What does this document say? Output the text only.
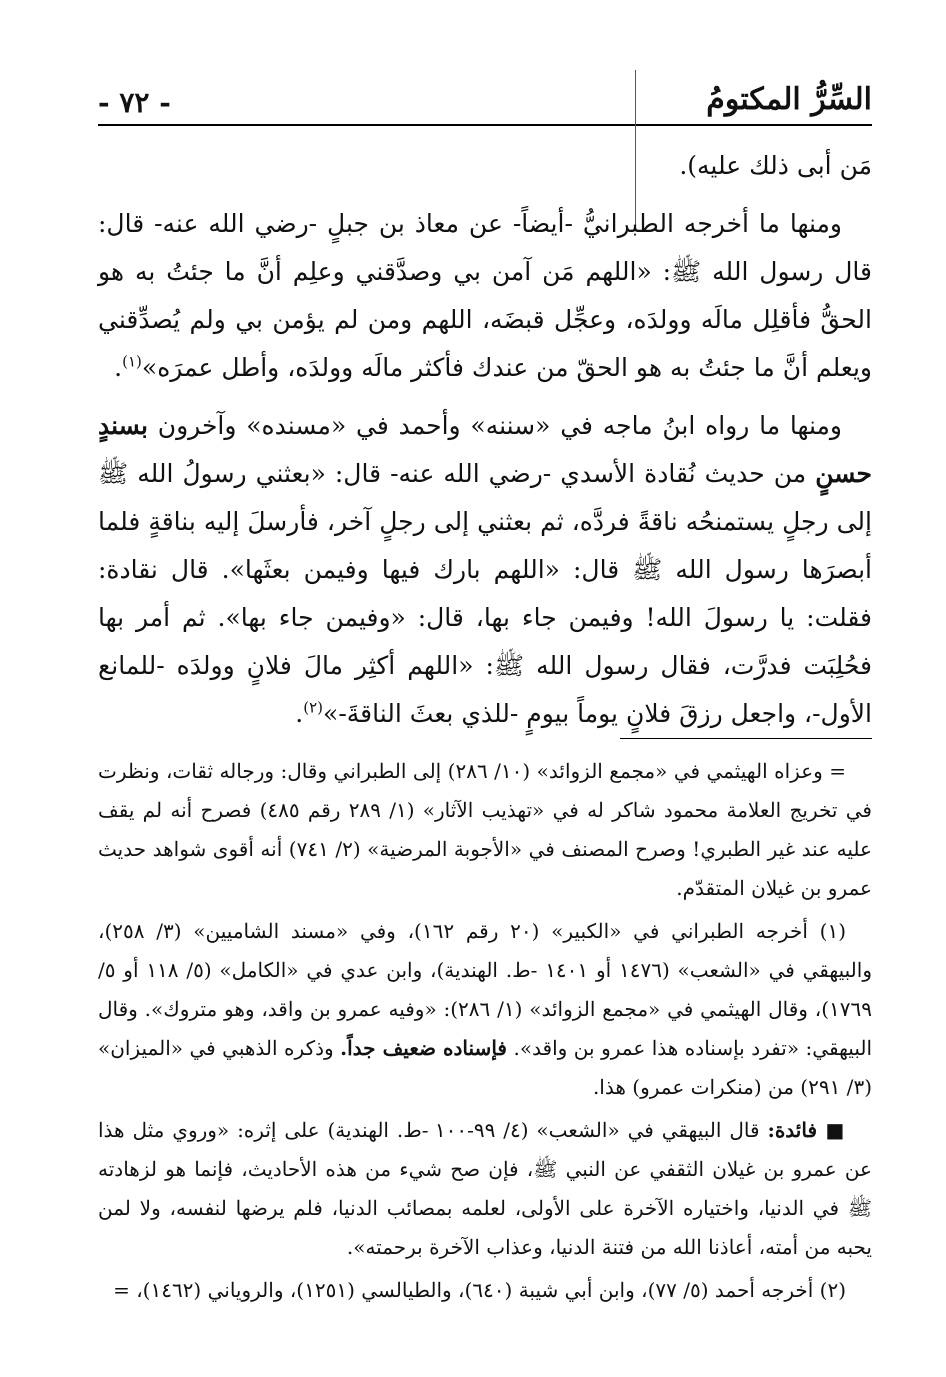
السِّرُّ المكتومُ
- ٧٢ -

مَن أبى ذلك عليه).

ومنها ما أخرجه الطبرانيُّ -أيضاً- عن معاذ بن جبلٍ -رضي الله عنه- قال: قال رسول الله ﷺ: «اللهم مَن آمن بي وصدَّقني وعلِم أنَّ ما جئتُ به هو الحقُّ فأقلِل مالَه وولدَه، وعجِّل قبضَه، اللهم ومن لم يؤمن بي ولم يُصدِّقني ويعلم أنَّ ما جئتُ به هو الحقّ من عندك فأكثر مالَه وولدَه، وأطل عمرَه»$^{(١)}$.

ومنها ما رواه ابنُ ماجه في «سننه» وأحمد في «مسنده» وآخرون بسندٍ حسنٍ من حديث نُقادة الأسدي -رضي الله عنه- قال: «بعثني رسولُ الله ﷺ إلى رجلٍ يستمنحُه ناقةً فردَّه، ثم بعثني إلى رجلٍ آخر، فأرسلَ إليه بناقةٍ فلما أبصرَها رسول الله ﷺ قال: «اللهم بارك فيها وفيمن بعثَها». قال نقادة: فقلت: يا رسولَ الله! وفيمن جاء بها، قال: «وفيمن جاء بها». ثم أمر بها فحُلِبَت فدرَّت، فقال رسول الله ﷺ: «اللهم أكثِر مالَ فلانٍ وولدَه -للمانع الأول-، واجعل رزقَ فلانٍ يوماً بيومٍ -للذي بعثَ الناقةَ-»$^{(٢)}$.

= وعزاه الهيثمي في «مجمع الزوائد» (١٠/ ٢٨٦) إلى الطبراني وقال: ورجاله ثقات، ونظرت في تخريج العلامة محمود شاكر له في «تهذيب الآثار» (١/ ٢٨٩ رقم ٤٨٥) فصرح أنه لم يقف عليه عند غير الطبري! وصرح المصنف في «الأجوبة المرضية» (٢/ ٧٤١) أنه أقوى شواهد حديث عمرو بن غيلان المتقدّم.

(١) أخرجه الطبراني في «الكبير» (٢٠ رقم ١٦٢)، وفي «مسند الشاميين» (٣/ ٢٥٨)، والبيهقي في «الشعب» (١٤٧٦ أو ١٤٠١ -ط. الهندية)، وابن عدي في «الكامل» (٥/ ١١٨ أو ٥/ ١٧٦٩)، وقال الهيثمي في «مجمع الزوائد» (١/ ٢٨٦): «وفيه عمرو بن واقد، وهو متروك». وقال البيهقي: «تفرد بإسناده هذا عمرو بن واقد». فإسناده ضعيف جداً. وذكره الذهبي في «الميزان» (٣/ ٢٩١) من (منكرات عمرو) هذا.

■ فائدة: قال البيهقي في «الشعب» (٤/ ٩٩-١٠٠ -ط. الهندية) على إثره: «وروي مثل هذا عن عمرو بن غيلان الثقفي عن النبي ﷺ، فإن صح شيء من هذه الأحاديث، فإنما هو لزهادته ﷺ في الدنيا، واختياره الآخرة على الأولى، لعلمه بمصائب الدنيا، فلم يرضها لنفسه، ولا لمن يحبه من أمته، أعاذنا الله من فتنة الدنيا، وعذاب الآخرة برحمته».

(٢) أخرجه أحمد (٥/ ٧٧)، وابن أبي شيبة (٦٤٠)، والطيالسي (١٢٥١)، والروياني (١٤٦٢)، =
